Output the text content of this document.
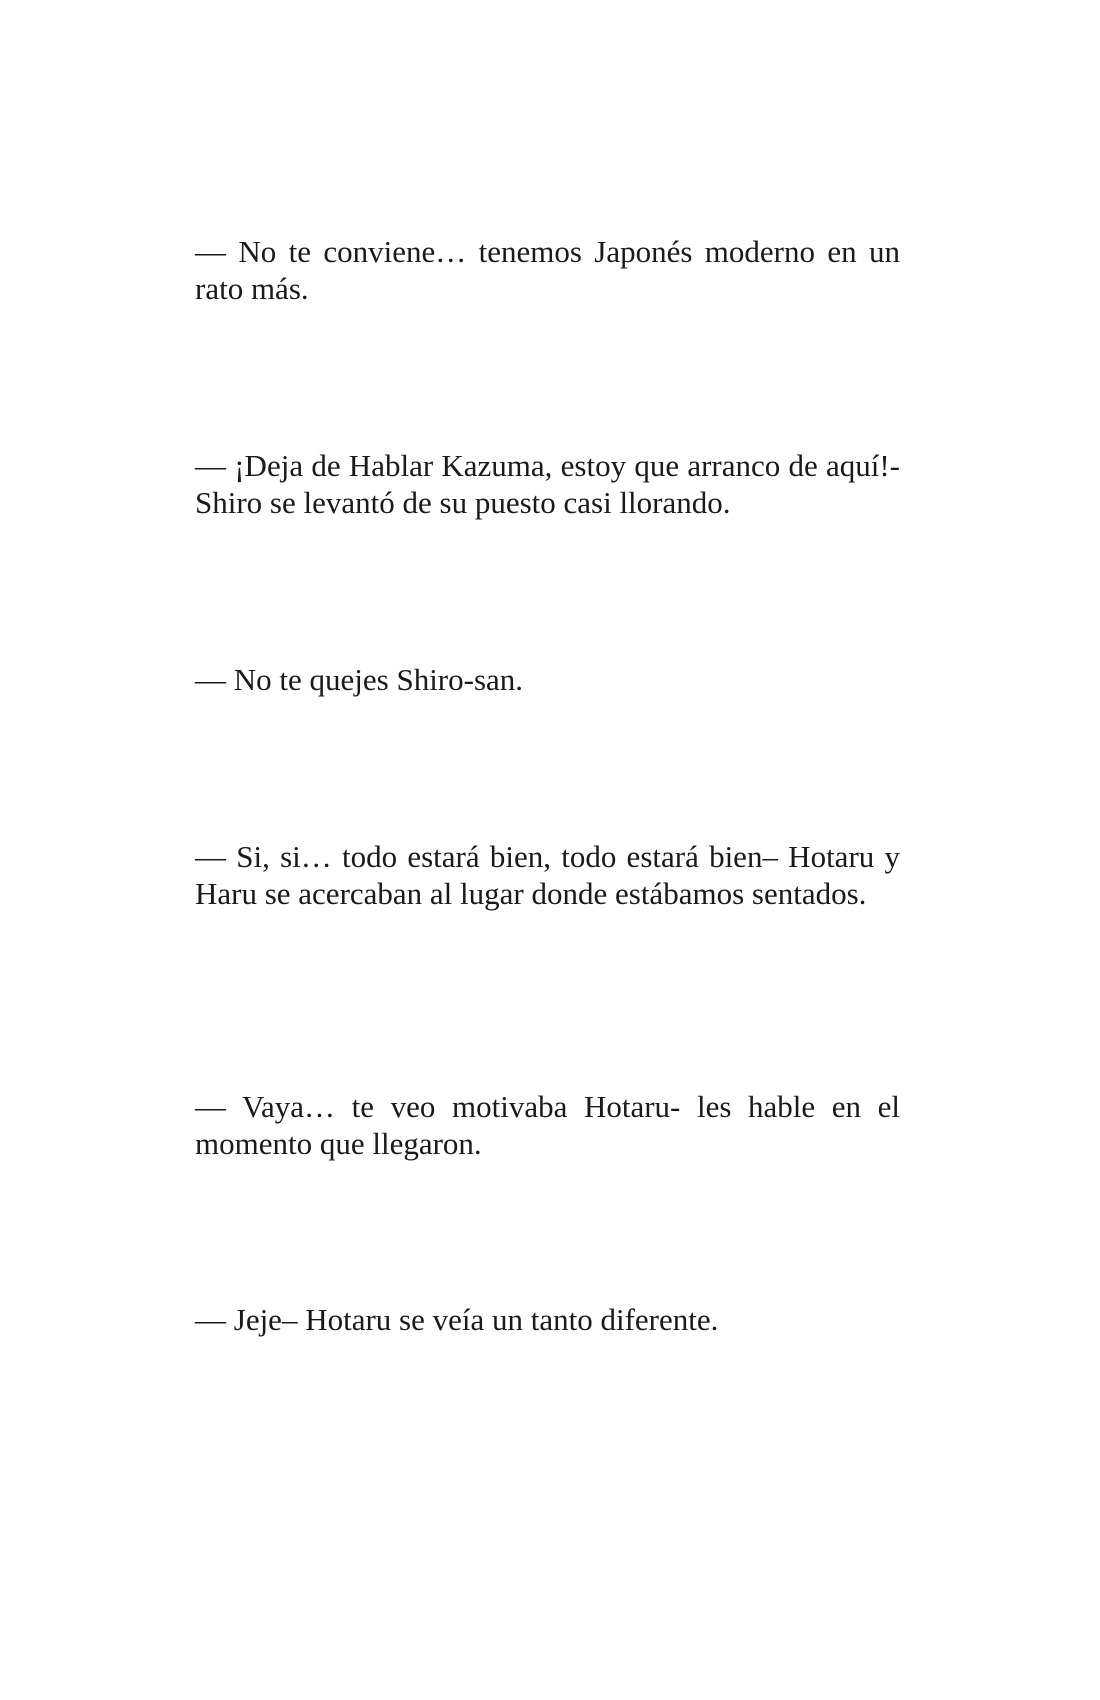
— No te conviene… tenemos Japonés moderno en un rato más.

— ¡Deja de Hablar Kazuma, estoy que arranco de aquí!- Shiro se levantó de su puesto casi llorando.

— No te quejes Shiro-san.

— Si, si… todo estará bien, todo estará bien– Hotaru y Haru se acercaban al lugar donde estábamos sentados.

— Vaya… te veo motivaba Hotaru- les hable en el momento que llegaron.

— Jeje– Hotaru se veía un tanto diferente.
